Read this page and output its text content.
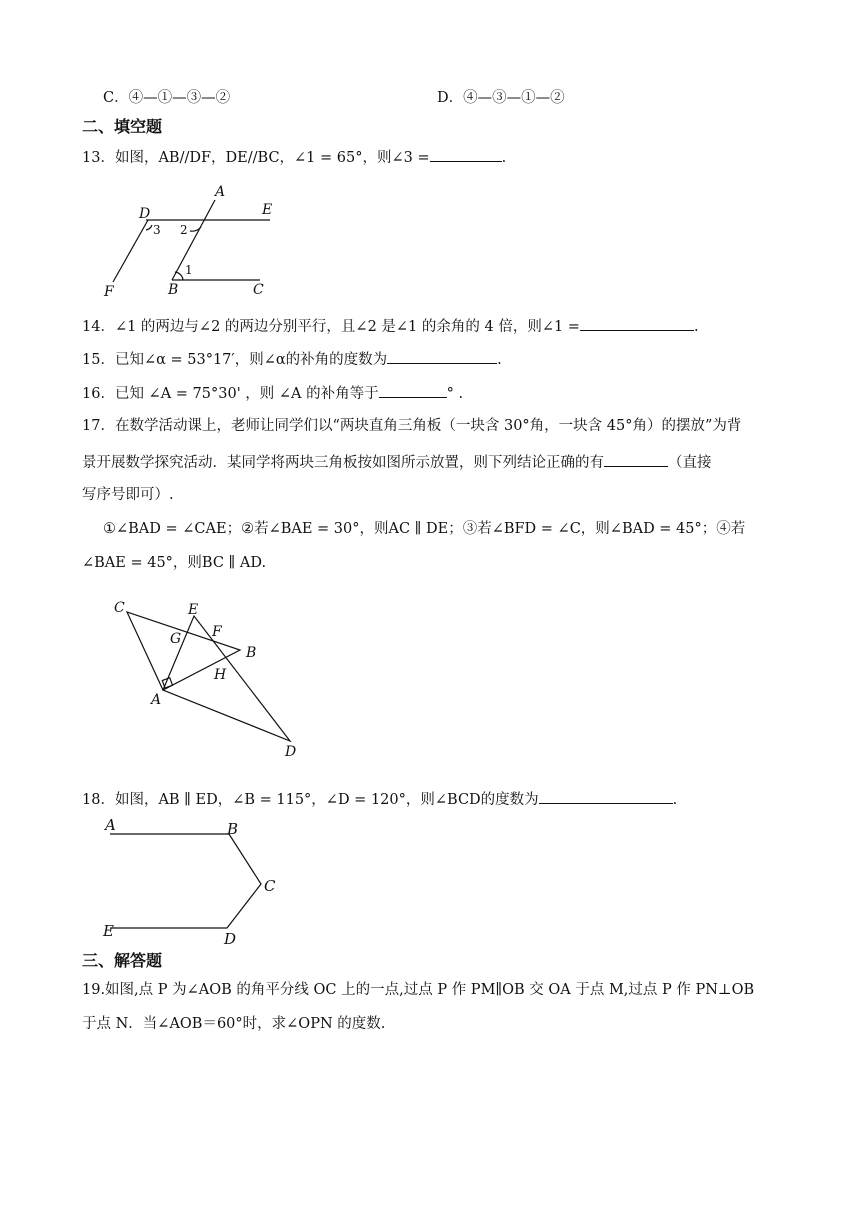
C．④—①—③—②	D．④—③—①—②
二、填空题
13．如图，AB//DF，DE//BC，∠1 = 65°，则∠3 =	.
A
D	E
2
3
1
F	B	C
14．∠1 的两边与∠2 的两边分别平行，且∠2 是∠1 的余角的 4 倍，则∠1 =	.
15．已知∠α = 53°17′，则∠α的补角的度数为	.
16．已知 ∠A = 75°30' ，则 ∠A 的补角等于	° .
17．在数学活动课上，老师让同学们以“两块直角三角板（一块含 30°角，一块含 45°角）的摆放”为背
景开展数学探究活动．某同学将两块三角板按如图所示放置，则下列结论正确的有	（直接
写序号即可）.
①∠BAD = ∠CAE；②若∠BAE = 30°，则AC ∥ DE；③若∠BFD = ∠C，则∠BAD = 45°；④若
∠BAE = 45°，则BC ∥ AD.
C	E
G F
B
H
A
D
18．如图，AB ∥ ED，∠B = 115°，∠D = 120°，则∠BCD的度数为	.
A	B
C
E	D
三、解答题
19.如图,点 P 为∠AOB 的角平分线 OC 上的一点,过点 P 作 PM∥OB 交 OA 于点 M,过点 P 作 PN⊥OB
于点 N．当∠AOB＝60°时，求∠OPN 的度数.
